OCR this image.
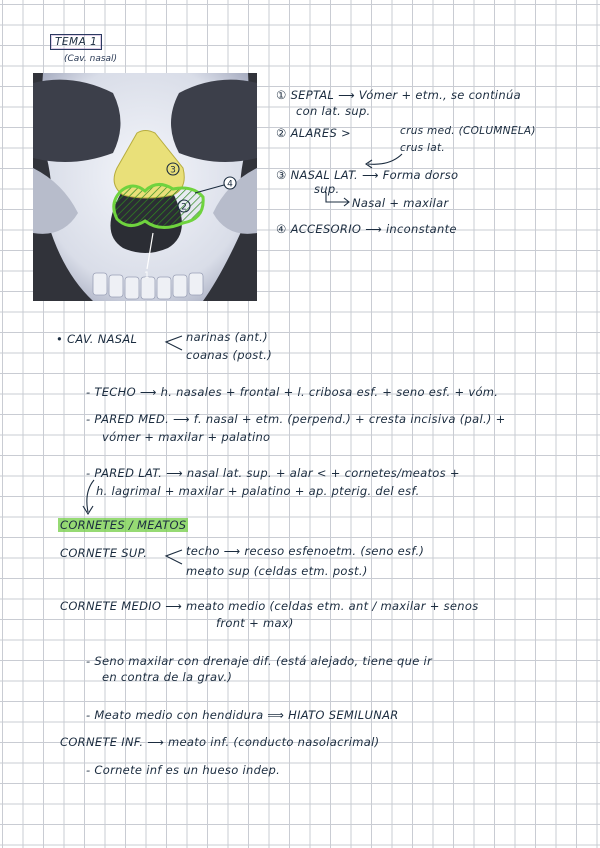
TEMA 1
(Cav. nasal)
3
2
4
1
① SEPTAL ⟶ Vómer + etm., se continúa
con lat. sup.
② ALARES >	crus med. (COLUMNELA)
crus lat.
③ NASAL LAT. ⟶ Forma dorso
sup.
Nasal + maxilar
④ ACCESORIO ⟶ inconstante
• CAV. NASAL	narinas (ant.)
coanas (post.)
- TECHO ⟶ h. nasales + frontal + l. cribosa esf. + seno esf. + vóm.
- PARED MED. ⟶ f. nasal + etm. (perpend.) + cresta incisiva (pal.) +
vómer + maxilar + palatino
- PARED LAT. ⟶ nasal lat. sup. + alar < + cornetes/meatos +
h. lagrimal + maxilar + palatino + ap. pterig. del esf.
CORNETES / MEATOS
CORNETE SUP.	techo ⟶ receso esfenoetm. (seno esf.)
meato sup (celdas etm. post.)
CORNETE MEDIO ⟶ meato medio (celdas etm. ant / maxilar + senos
front + max)
- Seno maxilar con drenaje dif. (está alejado, tiene que ir
en contra de la grav.)
- Meato medio con hendidura ⟹ HIATO SEMILUNAR
CORNETE INF. ⟶ meato inf. (conducto nasolacrimal)
- Cornete inf es un hueso indep.
